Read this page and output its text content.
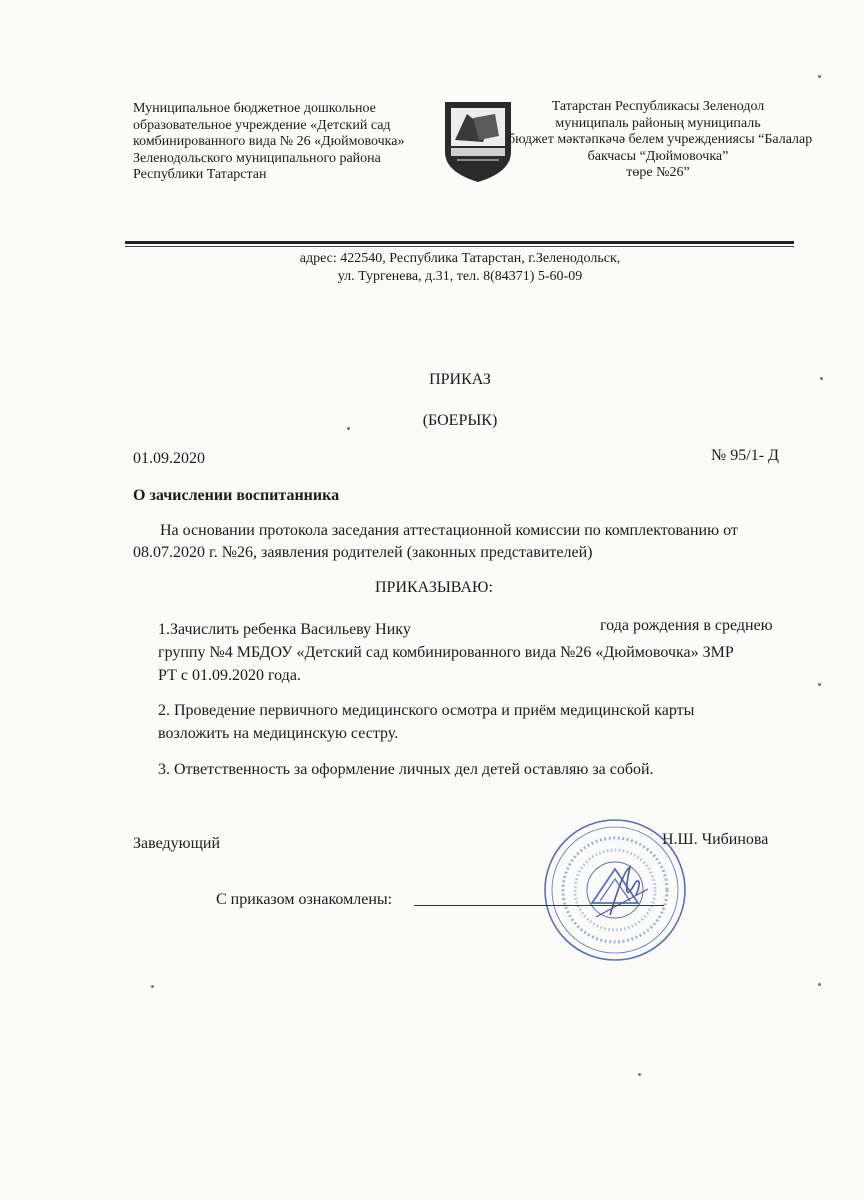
Муниципальное бюджетное дошкольное
образовательное учреждение «Детский сад
комбинированного вида № 26 «Дюймовочка»
Зеленодольского муниципального района
Республики Татарстан
Татарстан Республикасы Зеленодол
муниципаль районың муниципаль
бюджет мәктәпкәчә белем учреждениясы “Балалар
бакчасы “Дюймовочка”
төре №26”
адрес: 422540, Республика Татарстан, г.Зеленодольск,
ул. Тургенева, д.31, тел. 8(84371) 5-60-09
ПРИКАЗ
(БОЕРЫК)
01.09.2020	№ 95/1- Д
О зачислении воспитанника
На основании протокола заседания аттестационной комиссии по комплектованию от
08.07.2020 г. №26, заявления родителей (законных представителей)
ПРИКАЗЫВАЮ:
1.Зачислить ребенка Васильеву Нику	года рождения в среднею
группу №4 МБДОУ «Детский сад комбинированного вида №26 «Дюймовочка» ЗМР
РТ с 01.09.2020 года.
2. Проведение первичного медицинского осмотра и приём медицинской карты
возложить на медицинскую сестру.
3. Ответственность за оформление личных дел детей оставляю за собой.
Заведующий	Н.Ш. Чибинова
С приказом ознакомлены:
